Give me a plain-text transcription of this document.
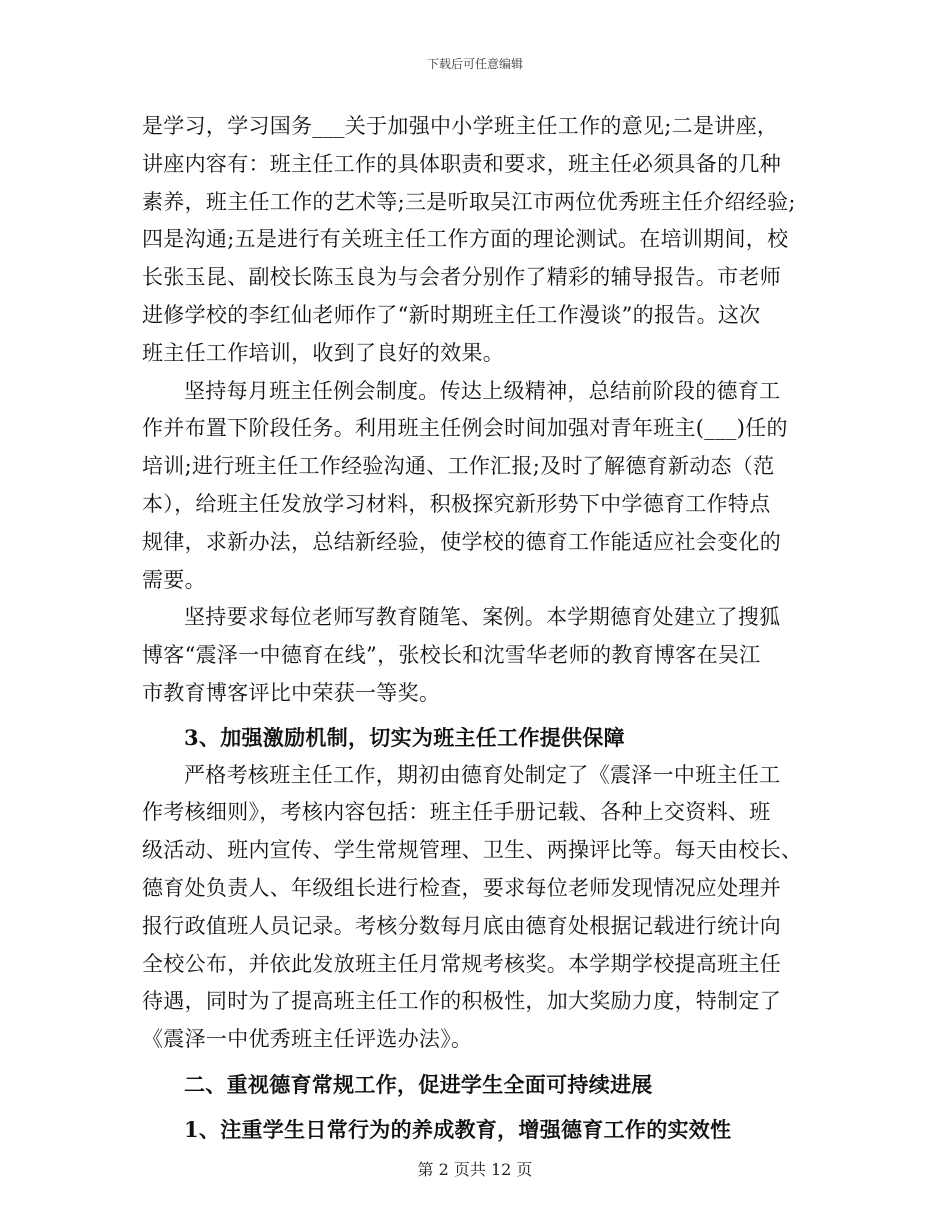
下载后可任意编辑
是学习，学习国务___关于加强中小学班主任工作的意见;二是讲座，
讲座内容有：班主任工作的具体职责和要求，班主任必须具备的几种
素养，班主任工作的艺术等;三是听取吴江市两位优秀班主任介绍经验;
四是沟通;五是进行有关班主任工作方面的理论测试。在培训期间，校
长张玉昆、副校长陈玉良为与会者分别作了精彩的辅导报告。市老师
进修学校的李红仙老师作了“新时期班主任工作漫谈”的报告。这次
班主任工作培训，收到了良好的效果。
坚持每月班主任例会制度。传达上级精神，总结前阶段的德育工
作并布置下阶段任务。利用班主任例会时间加强对青年班主(___)任的
培训;进行班主任工作经验沟通、工作汇报;及时了解德育新动态（范
本），给班主任发放学习材料，积极探究新形势下中学德育工作特点
规律，求新办法，总结新经验，使学校的德育工作能适应社会变化的
需要。
坚持要求每位老师写教育随笔、案例。本学期德育处建立了搜狐
博客“震泽一中德育在线”，张校长和沈雪华老师的教育博客在吴江
市教育博客评比中荣获一等奖。
3、加强激励机制，切实为班主任工作提供保障
严格考核班主任工作，期初由德育处制定了《震泽一中班主任工
作考核细则》，考核内容包括：班主任手册记载、各种上交资料、班
级活动、班内宣传、学生常规管理、卫生、两操评比等。每天由校长、
德育处负责人、年级组长进行检查，要求每位老师发现情况应处理并
报行政值班人员记录。考核分数每月底由德育处根据记载进行统计向
全校公布，并依此发放班主任月常规考核奖。本学期学校提高班主任
待遇，同时为了提高班主任工作的积极性，加大奖励力度，特制定了
《震泽一中优秀班主任评选办法》。
二、重视德育常规工作，促进学生全面可持续进展
1、注重学生日常行为的养成教育，增强德育工作的实效性
第 2 页共 12 页
